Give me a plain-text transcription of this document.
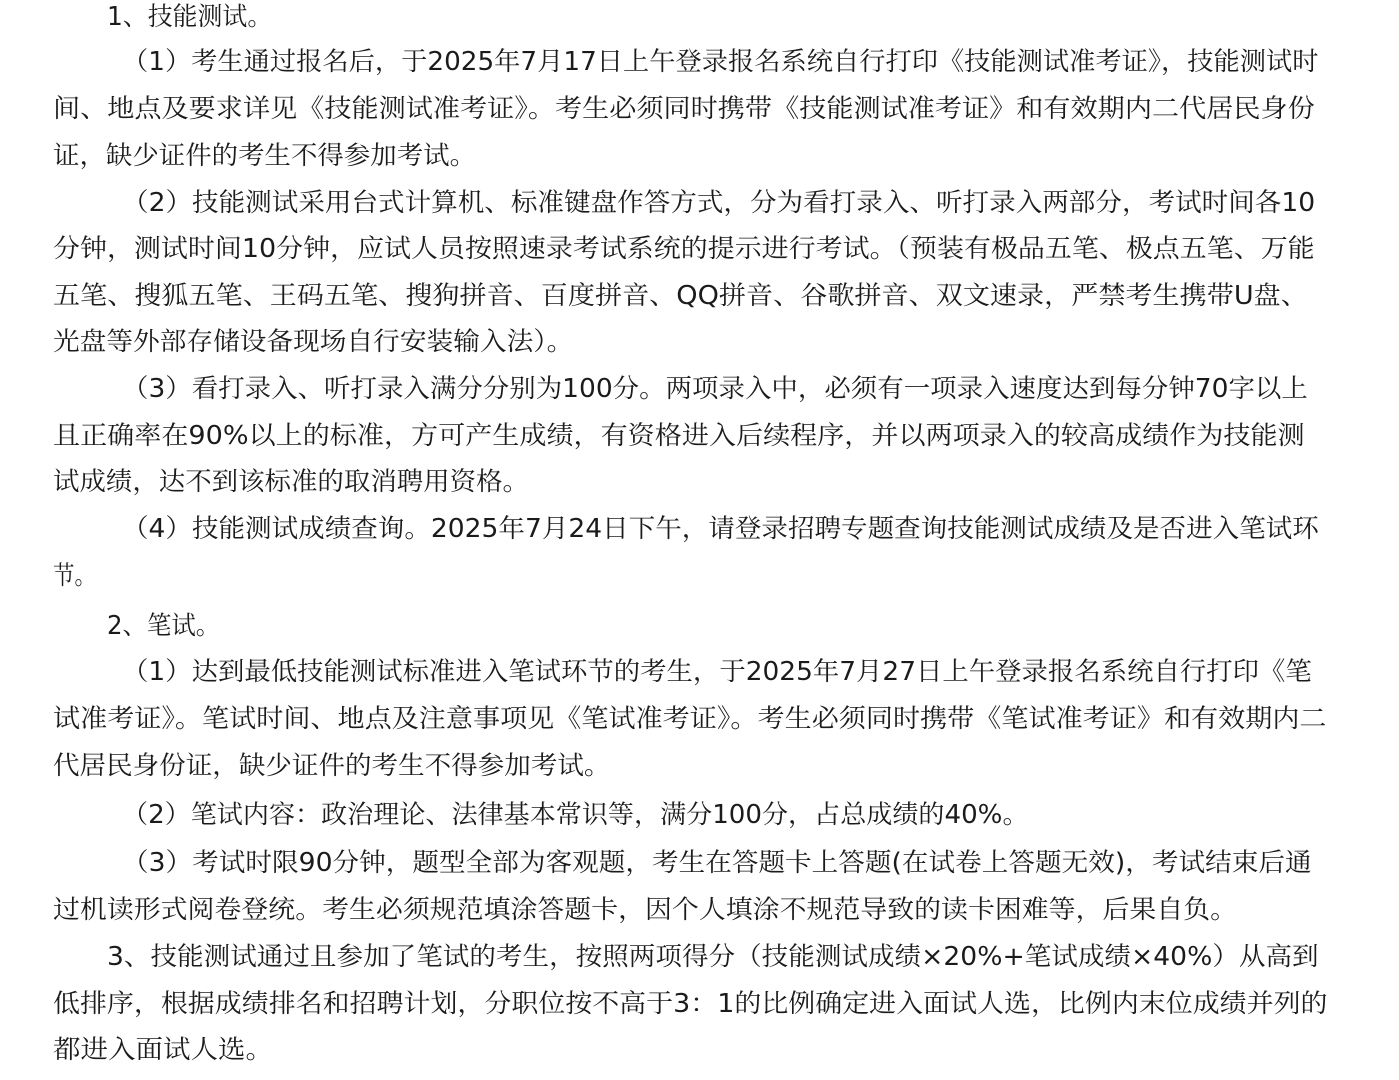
1、技能测试。
（1）考生通过报名后，于2025年7月17日上午登录报名系统自行打印《技能测试准考证》，技能测试时
间、地点及要求详见《技能测试准考证》。考生必须同时携带《技能测试准考证》和有效期内二代居民身份
证，缺少证件的考生不得参加考试。
（2）技能测试采用台式计算机、标准键盘作答方式，分为看打录入、听打录入两部分，考试时间各10
分钟，测试时间10分钟，应试人员按照速录考试系统的提示进行考试。（预装有极品五笔、极点五笔、万能
五笔、搜狐五笔、王码五笔、搜狗拼音、百度拼音、QQ拼音、谷歌拼音、双文速录，严禁考生携带U盘、
光盘等外部存储设备现场自行安装输入法）。
（3）看打录入、听打录入满分分别为100分。两项录入中，必须有一项录入速度达到每分钟70字以上
且正确率在90%以上的标准，方可产生成绩，有资格进入后续程序，并以两项录入的较高成绩作为技能测
试成绩，达不到该标准的取消聘用资格。
（4）技能测试成绩查询。2025年7月24日下午，请登录招聘专题查询技能测试成绩及是否进入笔试环
节。
2、笔试。
（1）达到最低技能测试标准进入笔试环节的考生，于2025年7月27日上午登录报名系统自行打印《笔
试准考证》。笔试时间、地点及注意事项见《笔试准考证》。考生必须同时携带《笔试准考证》和有效期内二
代居民身份证，缺少证件的考生不得参加考试。
（2）笔试内容：政治理论、法律基本常识等，满分100分，占总成绩的40%。
（3）考试时限90分钟，题型全部为客观题，考生在答题卡上答题(在试卷上答题无效)，考试结束后通
过机读形式阅卷登统。考生必须规范填涂答题卡，因个人填涂不规范导致的读卡困难等，后果自负。
3、技能测试通过且参加了笔试的考生，按照两项得分（技能测试成绩×20%+笔试成绩×40%）从高到
低排序，根据成绩排名和招聘计划，分职位按不高于3：1的比例确定进入面试人选，比例内末位成绩并列的
都进入面试人选。
